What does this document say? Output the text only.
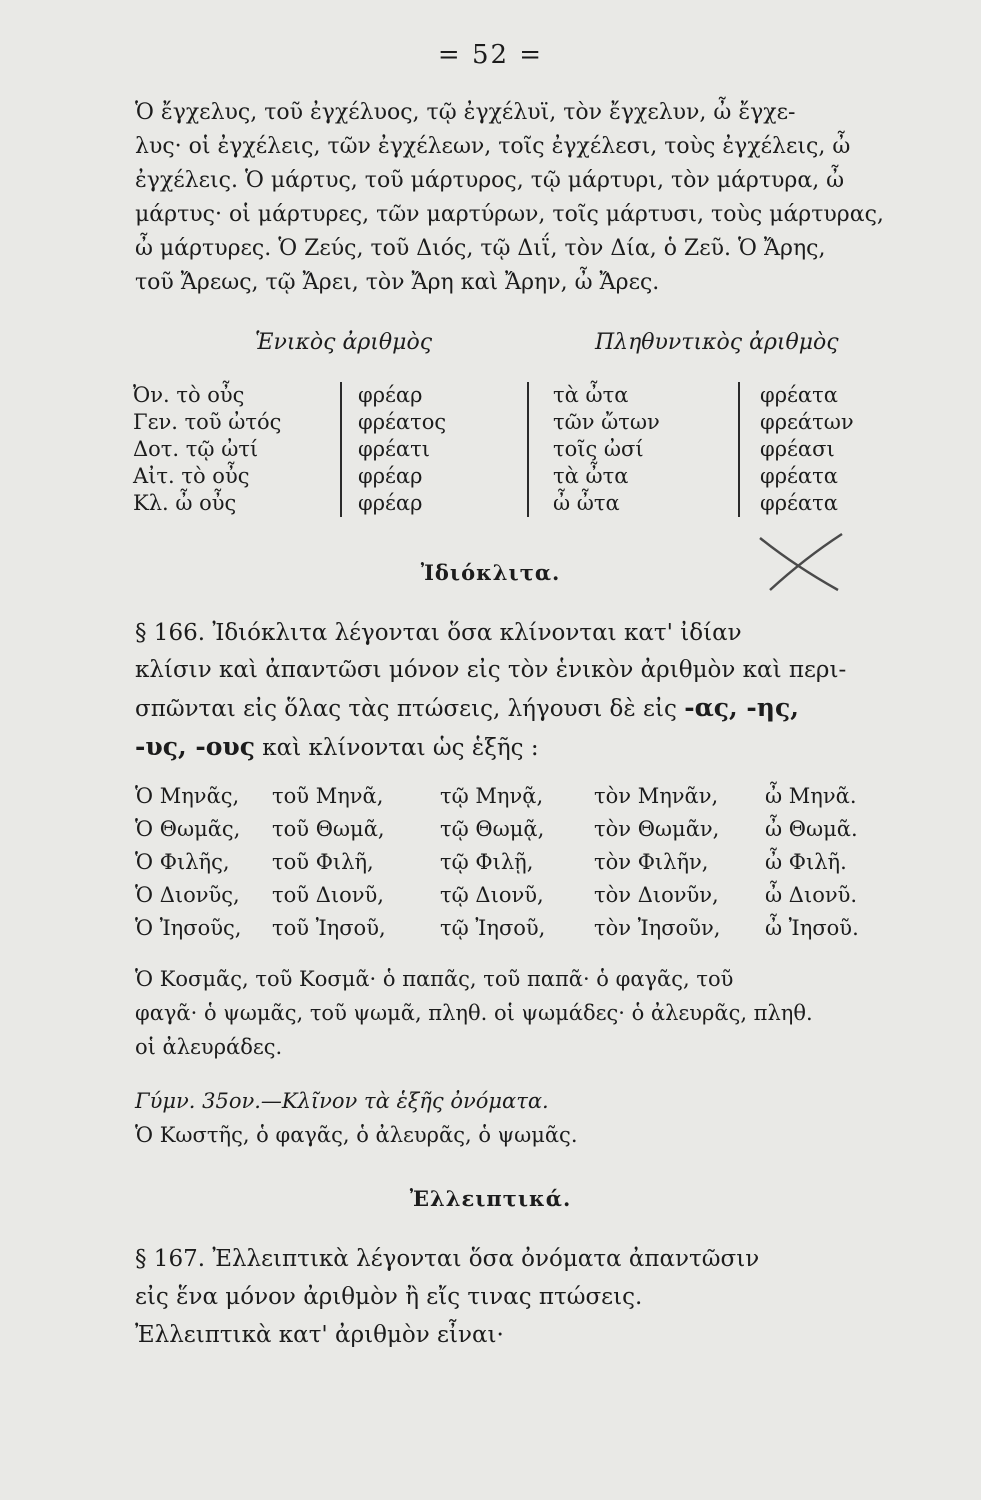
= 52 =
Ὁ ἔγχελυς, τοῦ ἐγχέλυος, τῷ ἐγχέλυϊ, τὸν ἔγχελυν, ὦ ἔγχε-
λυς· οἱ ἐγχέλεις, τῶν ἐγχέλεων, τοῖς ἐγχέλεσι, τοὺς ἐγχέλεις, ὦ
ἐγχέλεις. Ὁ μάρτυς, τοῦ μάρτυρος, τῷ μάρτυρι, τὸν μάρτυρα, ὦ
μάρτυς· οἱ μάρτυρες, τῶν μαρτύρων, τοῖς μάρτυσι, τοὺς μάρτυρας,
ὦ μάρτυρες. Ὁ Ζεύς, τοῦ Διός, τῷ Διΐ, τὸν Δία, ὁ Ζεῦ. Ὁ Ἄρης,
τοῦ Ἄρεως, τῷ Ἄρει, τὸν Ἄρη καὶ Ἄρην, ὦ Ἄρες.
Ἑνικὸς ἀριθμὸς	Πληθυντικὸς ἀριθμὸς
Ὀν. τὸ οὖς
Γεν. τοῦ ὠτός
Δοτ. τῷ ὠτί
Αἰτ. τὸ οὖς
Κλ. ὦ οὖς
φρέαρ
φρέατος
φρέατι
φρέαρ
φρέαρ
τὰ ὦτα
τῶν ὤτων
τοῖς ὠσί
τὰ ὦτα
ὦ ὦτα
φρέατα
φρεάτων
φρέασι
φρέατα
φρέατα
Ἰδιόκλιτα.
§ 166. Ἰδιόκλιτα λέγονται ὅσα κλίνονται κατ' ἰδίαν
κλίσιν καὶ ἀπαντῶσι μόνον εἰς τὸν ἑνικὸν ἀριθμὸν καὶ περι-
σπῶνται εἰς ὅλας τὰς πτώσεις, λήγουσι δὲ εἰς -ας, -ης,
-υς, -ους καὶ κλίνονται ὡς ἑξῆς :
Ὁ Μηνᾶς,
Ὁ Θωμᾶς,
Ὁ Φιλῆς,
Ὁ Διονῦς,
Ὁ Ἰησοῦς,
τοῦ Μηνᾶ,
τοῦ Θωμᾶ,
τοῦ Φιλῆ,
τοῦ Διονῦ,
τοῦ Ἰησοῦ,
τῷ Μηνᾷ,
τῷ Θωμᾷ,
τῷ Φιλῇ,
τῷ Διονῦ,
τῷ Ἰησοῦ,
τὸν Μηνᾶν,
τὸν Θωμᾶν,
τὸν Φιλῆν,
τὸν Διονῦν,
τὸν Ἰησοῦν,
ὦ Μηνᾶ.
ὦ Θωμᾶ.
ὦ Φιλῆ.
ὦ Διονῦ.
ὦ Ἰησοῦ.
Ὁ Κοσμᾶς, τοῦ Κοσμᾶ· ὁ παπᾶς, τοῦ παπᾶ· ὁ φαγᾶς, τοῦ
φαγᾶ· ὁ ψωμᾶς, τοῦ ψωμᾶ, πληθ. οἱ ψωμάδες· ὁ ἀλευρᾶς, πληθ.
οἱ ἀλευράδες.
Γύμν. 35ον.—Κλῖνον τὰ ἑξῆς ὀνόματα.
Ὁ Κωστῆς, ὁ φαγᾶς, ὁ ἀλευρᾶς, ὁ ψωμᾶς.
Ἐλλειπτικά.
§ 167. Ἐλλειπτικὰ λέγονται ὅσα ὀνόματα ἀπαντῶσιν
εἰς ἕνα μόνον ἀριθμὸν ἢ εἴς τινας πτώσεις.
Ἐλλειπτικὰ κατ' ἀριθμὸν εἶναι·
